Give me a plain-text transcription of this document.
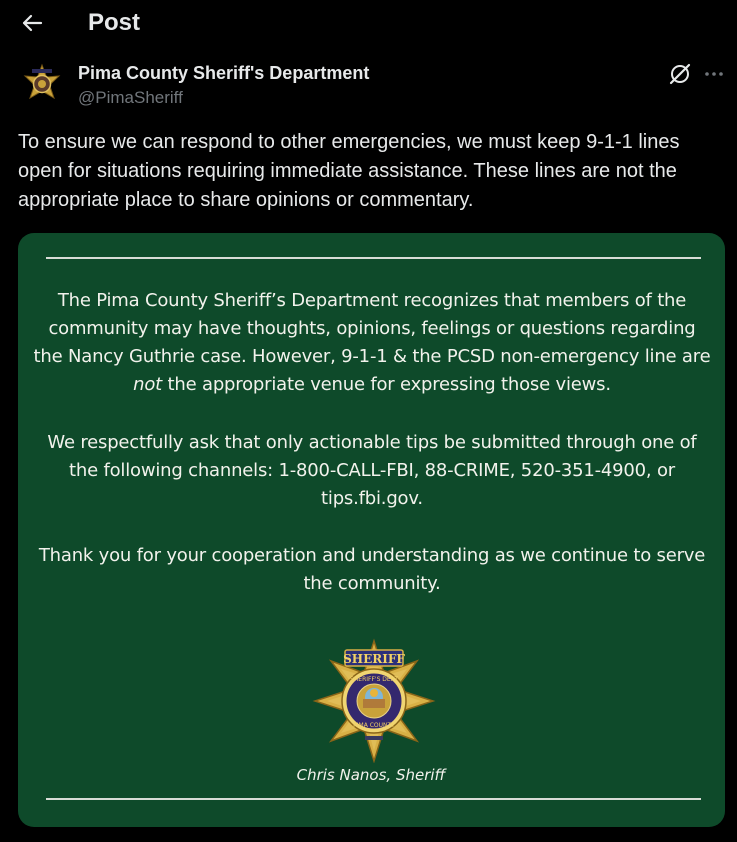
Post
Pima County Sheriff's Department
@PimaSheriff
To ensure we can respond to other emergencies, we must keep 9-1-1 lines open for situations requiring immediate assistance. These lines are not the appropriate place to share opinions or commentary.
The Pima County Sheriff’s Department recognizes that members of the community may have thoughts, opinions, feelings or questions regarding the Nancy Guthrie case. However, 9-1-1 & the PCSD non-emergency line are not the appropriate venue for expressing those views.
We respectfully ask that only actionable tips be submitted through one of the following channels: 1-800-CALL-FBI, 88-CRIME, 520-351-4900, or tips.fbi.gov.
Thank you for your cooperation and understanding as we continue to serve the community.
SHERIFF
SHERIFF'S DEPT
PIMA COUNTY
Chris Nanos, Sheriff
